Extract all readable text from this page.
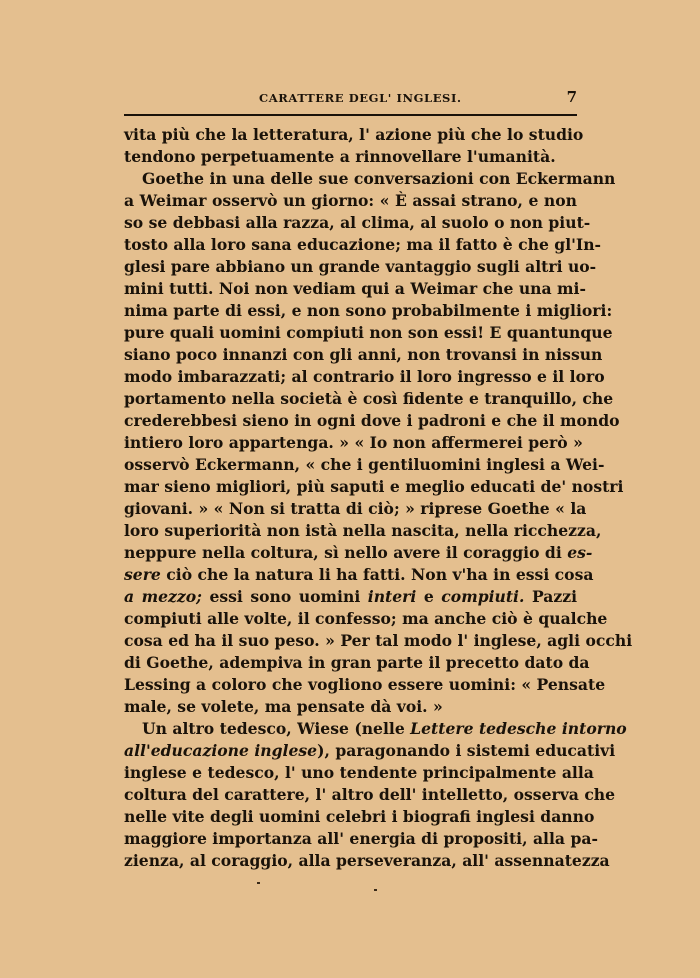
CARATTERE DEGL' INGLESI.	7
vita più che la letteratura, l' azione più che lo studio
tendono perpetuamente a rinnovellare l'umanità.
Goethe in una delle sue conversazioni con Eckermann
a Weimar osservò un giorno: « È assai strano, e non
so se debbasi alla razza, al clima, al suolo o non piut-
tosto alla loro sana educazione; ma il fatto è che gl'In-
glesi pare abbiano un grande vantaggio sugli altri uo-
mini tutti. Noi non vediam qui a Weimar che una mi-
nima parte di essi, e non sono probabilmente i migliori:
pure quali uomini compiuti non son essi! E quantunque
siano poco innanzi con gli anni, non trovansi in nissun
modo imbarazzati; al contrario il loro ingresso e il loro
portamento nella società è così fidente e tranquillo, che
crederebbesi sieno in ogni dove i padroni e che il mondo
intiero loro appartenga. » « Io non affermerei però »
osservò Eckermann, « che i gentiluomini inglesi a Wei-
mar sieno migliori, più saputi e meglio educati de' nostri
giovani. » « Non si tratta di ciò; » riprese Goethe « la
loro superiorità non istà nella nascita, nella ricchezza,
neppure nella coltura, sì nello avere il coraggio di es-
sere ciò che la natura li ha fatti. Non v'ha in essi cosa
a mezzo; essi sono uomini interi e compiuti. Pazzi
compiuti alle volte, il confesso; ma anche ciò è qualche
cosa ed ha il suo peso. » Per tal modo l' inglese, agli occhi
di Goethe, adempiva in gran parte il precetto dato da
Lessing a coloro che vogliono essere uomini: « Pensate
male, se volete, ma pensate dà voi. »
Un altro tedesco, Wiese (nelle Lettere tedesche intorno
all'educazione inglese), paragonando i sistemi educativi
inglese e tedesco, l' uno tendente principalmente alla
coltura del carattere, l' altro dell' intelletto, osserva che
nelle vite degli uomini celebri i biografi inglesi danno
maggiore importanza all' energia di propositi, alla pa-
zienza, al coraggio, alla perseveranza, all' assennatezza
